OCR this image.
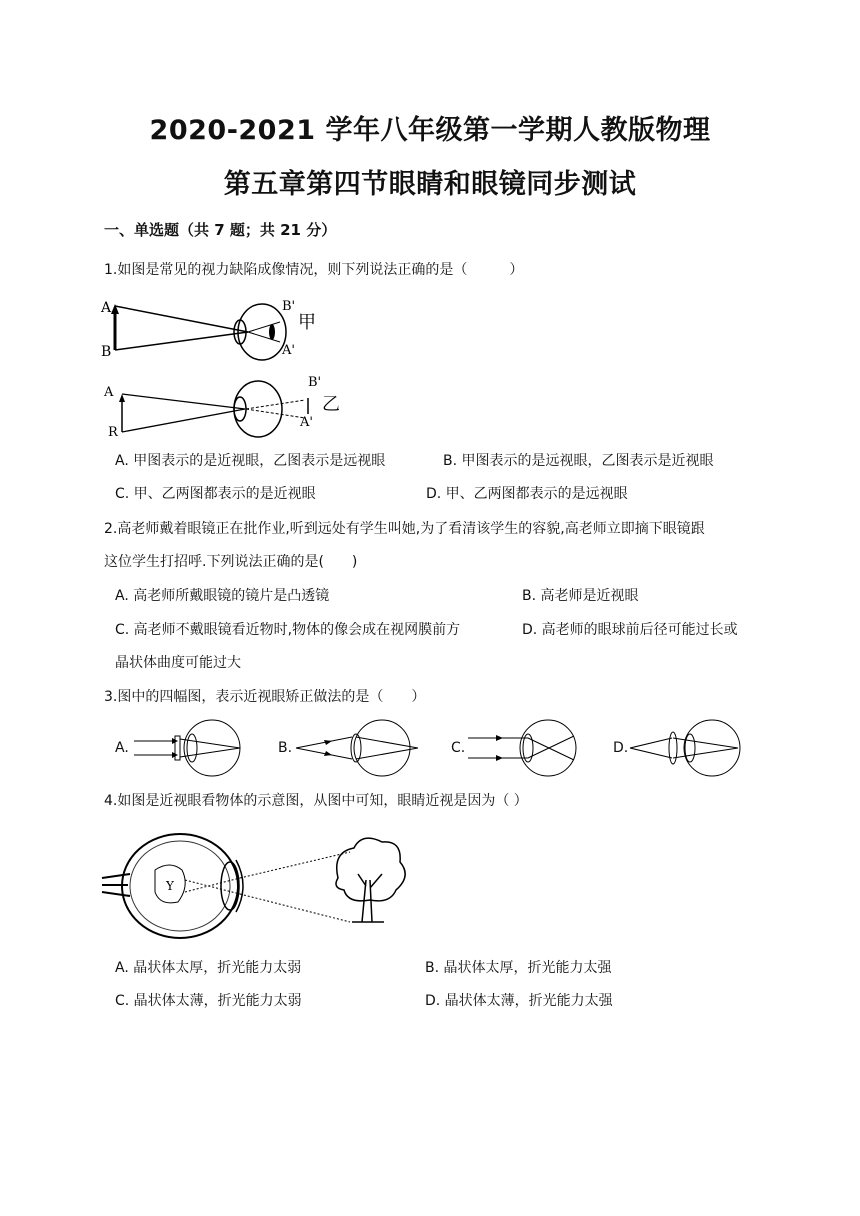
2020-2021 学年八年级第一学期人教版物理
第五章第四节眼睛和眼镜同步测试
一、单选题（共 7 题；共 21 分）
1.如图是常见的视力缺陷成像情况，则下列说法正确的是（　　　）
A
B
B'
A'
甲
A
R
B'
A'
乙
A. 甲图表示的是近视眼，乙图表示是远视眼	B. 甲图表示的是远视眼，乙图表示是近视眼
C. 甲、乙两图都表示的是近视眼	D. 甲、乙两图都表示的是远视眼
2.高老师戴着眼镜正在批作业,听到远处有学生叫她,为了看清该学生的容貌,高老师立即摘下眼镜跟
这位学生打招呼.下列说法正确的是(　　)
A. 高老师所戴眼镜的镜片是凸透镜	B. 高老师是近视眼
C. 高老师不戴眼镜看近物时,物体的像会成在视网膜前方	D. 高老师的眼球前后径可能过长或
晶状体曲度可能过大
3.图中的四幅图，表示近视眼矫正做法的是（　　）
A.	B.	C.	D.
4.如图是近视眼看物体的示意图，从图中可知，眼睛近视是因为（ ）
Y
A. 晶状体太厚，折光能力太弱	B. 晶状体太厚，折光能力太强
C. 晶状体太薄，折光能力太弱	D. 晶状体太薄，折光能力太强
